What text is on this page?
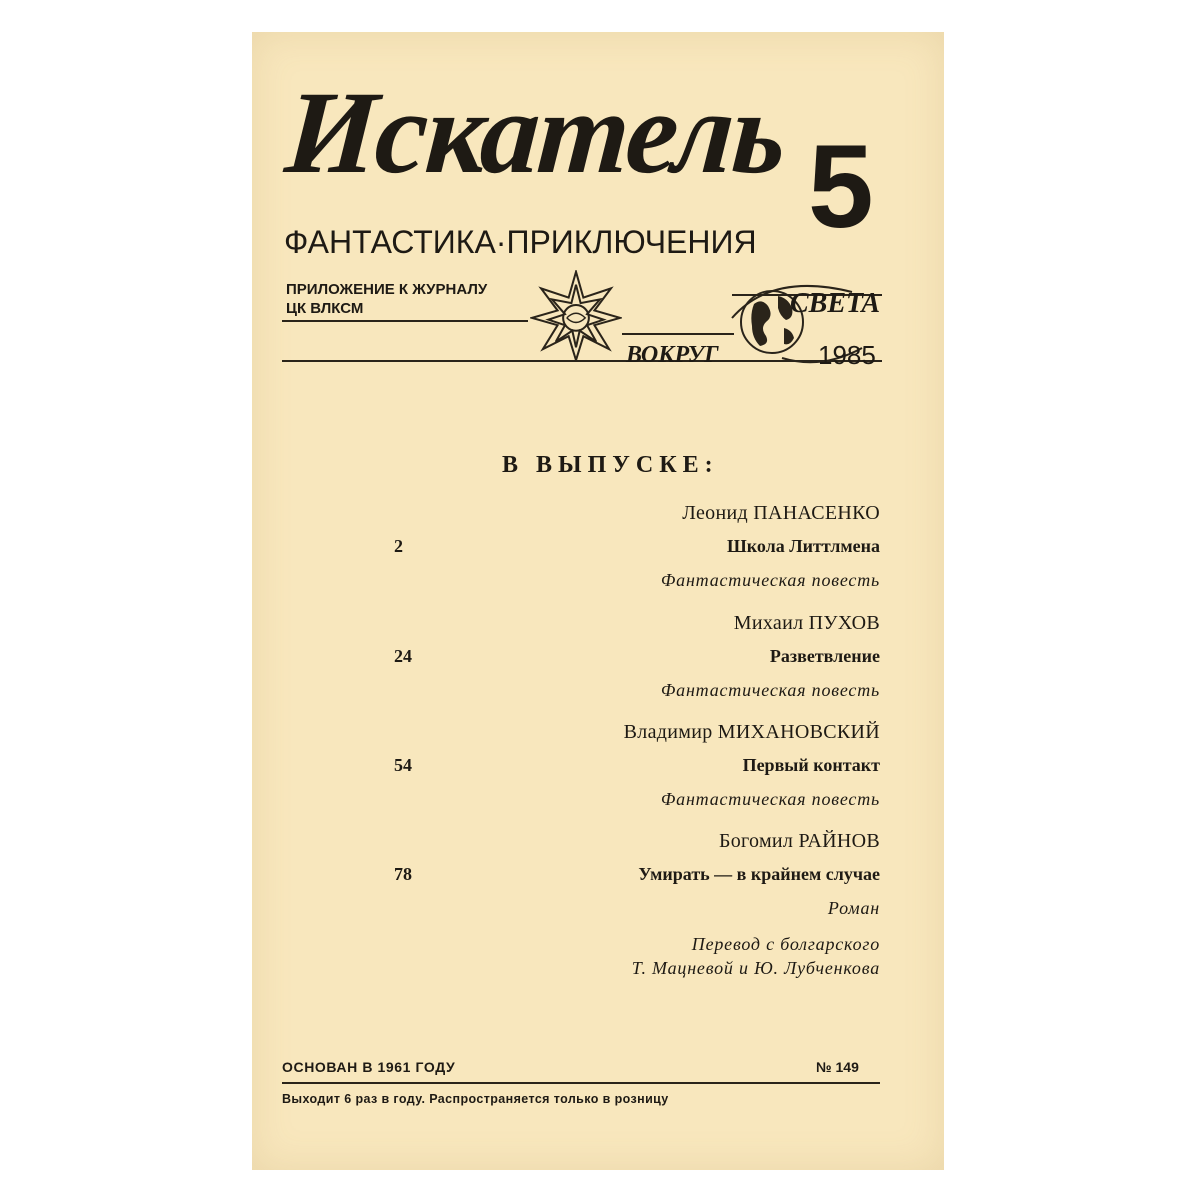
Искатель 5
ФАНТАСТИКА·ПРИКЛЮЧЕНИЯ
ПРИЛОЖЕНИЕ К ЖУРНАЛУ
ЦК ВЛКСМ
ВОКРУГ
СВЕТА
1985
В ВЫПУСКЕ:
2
Леонид ПАНАСЕНКО
Школа Литтлмена
Фантастическая повесть
24
Михаил ПУХОВ
Разветвление
Фантастическая повесть
54
Владимир МИХАНОВСКИЙ
Первый контакт
Фантастическая повесть
78
Богомил РАЙНОВ
Умирать — в крайнем случае
Роман
Перевод с болгарского
Т. Мацневой и Ю. Лубченкова
ОСНОВАН В 1961 ГОДУ	№ 149
Выходит 6 раз в году. Распространяется только в розницу
